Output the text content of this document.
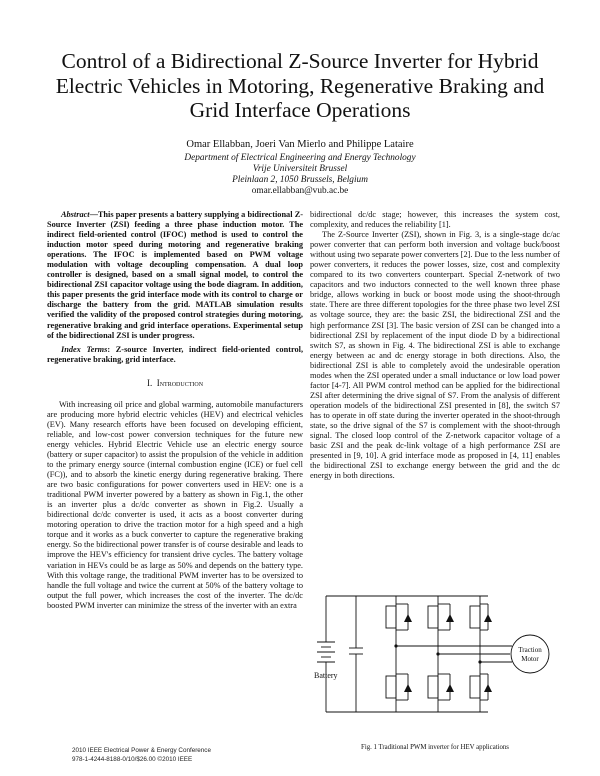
Control of a Bidirectional Z-Source Inverter for Hybrid Electric Vehicles in Motoring, Regenerative Braking and Grid Interface Operations
Omar Ellabban, Joeri Van Mierlo and Philippe Lataire
Department of Electrical Engineering and Energy Technology
Vrije Universiteit Brussel
Pleinlaan 2, 1050 Brussels, Belgium
omar.ellabban@vub.ac.be

Abstract—This paper presents a battery supplying a bidirectional Z-Source Inverter (ZSI) feeding a three phase induction motor. The indirect field-oriented control (IFOC) method is used to control the induction motor speed during motoring and regenerative braking operations. The IFOC is implemented based on PWM voltage modulation with voltage decoupling compensation. A dual loop controller is designed, based on a small signal model, to control the bidirectional ZSI capacitor voltage using the bode diagram. In addition, this paper presents the grid interface mode with its control to charge or discharge the battery from the grid. MATLAB simulation results verified the validity of the proposed control strategies during motoring, regenerative braking and grid interface operations. Experimental setup of the bidirectional ZSI is under progress.

Index Terms: Z-source Inverter, indirect field-oriented control, regenerative braking, grid interface.

I. Introduction

With increasing oil price and global warming, automobile manufacturers are producing more hybrid electric vehicles (HEV) and electrical vehicles (EV). Many research efforts have been focused on developing efficient, reliable, and low-cost power conversion techniques for the future new energy vehicles. Hybrid Electric Vehicle use an electric energy source (battery or super capacitor) to assist the propulsion of the vehicle in addition to the primary energy source (internal combustion engine (ICE) or fuel cell (FC)), and to absorb the kinetic energy during regenerative braking. There are two basic configurations for power converters used in HEV: one is a traditional PWM inverter powered by a battery as shown in Fig.1, the other is an inverter plus a dc/dc converter as shown in Fig.2. Usually a bidirectional dc/dc converter is used, it acts as a boost converter during motoring operation to drive the traction motor for a high speed and a high torque and it works as a buck converter to capture the regenerative braking energy. So the bidirectional power transfer is of course desirable and leads to improve the HEV's efficiency for transient drive cycles. The battery voltage variation in HEVs could be as large as 50% and depends on the battery type. With this voltage range, the traditional PWM inverter has to be oversized to handle the full voltage and twice the current at 50% of the battery voltage to output the full power, which increases the cost of the inverter. The dc/dc boosted PWM inverter can minimize the stress of the inverter with an extra

bidirectional dc/dc stage; however, this increases the system cost, complexity, and reduces the reliability [1].

The Z-Source Inverter (ZSI), shown in Fig. 3, is a single-stage dc/ac power converter that can perform both inversion and voltage buck/boost without using two separate power converters [2]. Due to the less number of power converters, it reduces the power losses, size, cost and complexity compared to its two converters counterpart. Special Z-network of two capacitors and two inductors connected to the well known three phase bridge, allows working in buck or boost mode using the shoot-through state. There are three different topologies for the three phase two level ZSI as voltage source, they are: the basic ZSI, the bidirectional ZSI and the high performance ZSI [3]. The basic version of ZSI can be changed into a bidirectional ZSI by replacement of the input diode D by a bidirectional switch S7, as shown in Fig. 4. The bidirectional ZSI is able to exchange energy between ac and dc energy storage in both directions. Also, the bidirectional ZSI is able to completely avoid the undesirable operation modes when the ZSI operated under a small inductance or low load power factor [4-7]. All PWM control method can be applied for the bidirectional ZSI after determining the drive signal of S7. From the analysis of different operation models of the bidirectional ZSI presented in [8], the switch S7 has to operate in off state during the inverter operated in the shoot-through state, so the drive signal of the S7 is complement with the shoot-through signal. The closed loop control of the Z-network capacitor voltage of a basic ZSI and the peak dc-link voltage of a high performance ZSI are presented in [9, 10]. A grid interface mode as proposed in [4, 11] enables the bidirectional ZSI to exchange energy between the grid and the dc energy in both directions.

Battery
Traction
Motor
Fig. 1 Traditional PWM inverter for HEV applications
2010 IEEE Electrical Power & Energy Conference
978-1-4244-8188-0/10/$26.00 ©2010 IEEE
